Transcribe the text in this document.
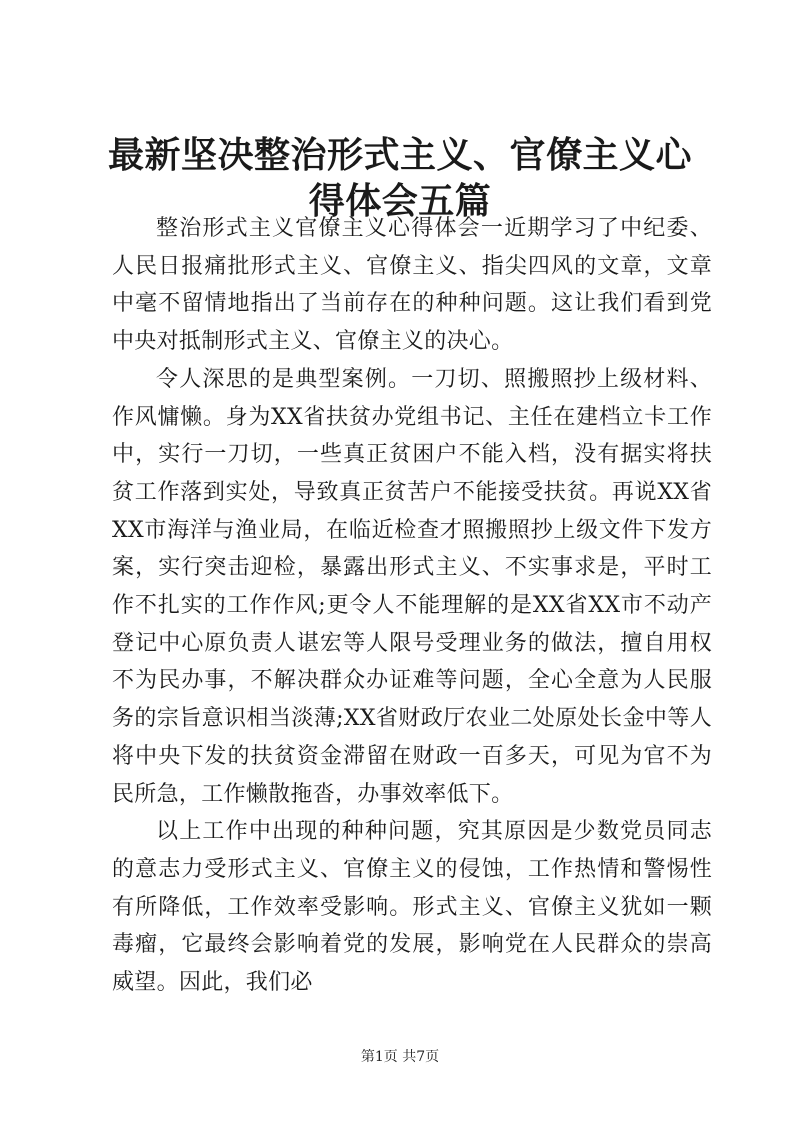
最新坚决整治形式主义、官僚主义心得体会五篇

整治形式主义官僚主义心得体会一近期学习了中纪委、人民日报痛批形式主义、官僚主义、指尖四风的文章，文章中毫不留情地指出了当前存在的种种问题。这让我们看到党中央对抵制形式主义、官僚主义的决心。

令人深思的是典型案例。一刀切、照搬照抄上级材料、作风慵懒。身为XX省扶贫办党组书记、主任在建档立卡工作中，实行一刀切，一些真正贫困户不能入档，没有据实将扶贫工作落到实处，导致真正贫苦户不能接受扶贫。再说XX省XX市海洋与渔业局，在临近检查才照搬照抄上级文件下发方案，实行突击迎检，暴露出形式主义、不实事求是，平时工作不扎实的工作作风;更令人不能理解的是XX省XX市不动产登记中心原负责人谌宏等人限号受理业务的做法，擅自用权不为民办事，不解决群众办证难等问题，全心全意为人民服务的宗旨意识相当淡薄;XX省财政厅农业二处原处长金中等人将中央下发的扶贫资金滞留在财政一百多天，可见为官不为民所急，工作懒散拖沓，办事效率低下。

以上工作中出现的种种问题，究其原因是少数党员同志的意志力受形式主义、官僚主义的侵蚀，工作热情和警惕性有所降低，工作效率受影响。形式主义、官僚主义犹如一颗毒瘤，它最终会影响着党的发展，影响党在人民群众的崇高威望。因此，我们必

第1页 共7页
